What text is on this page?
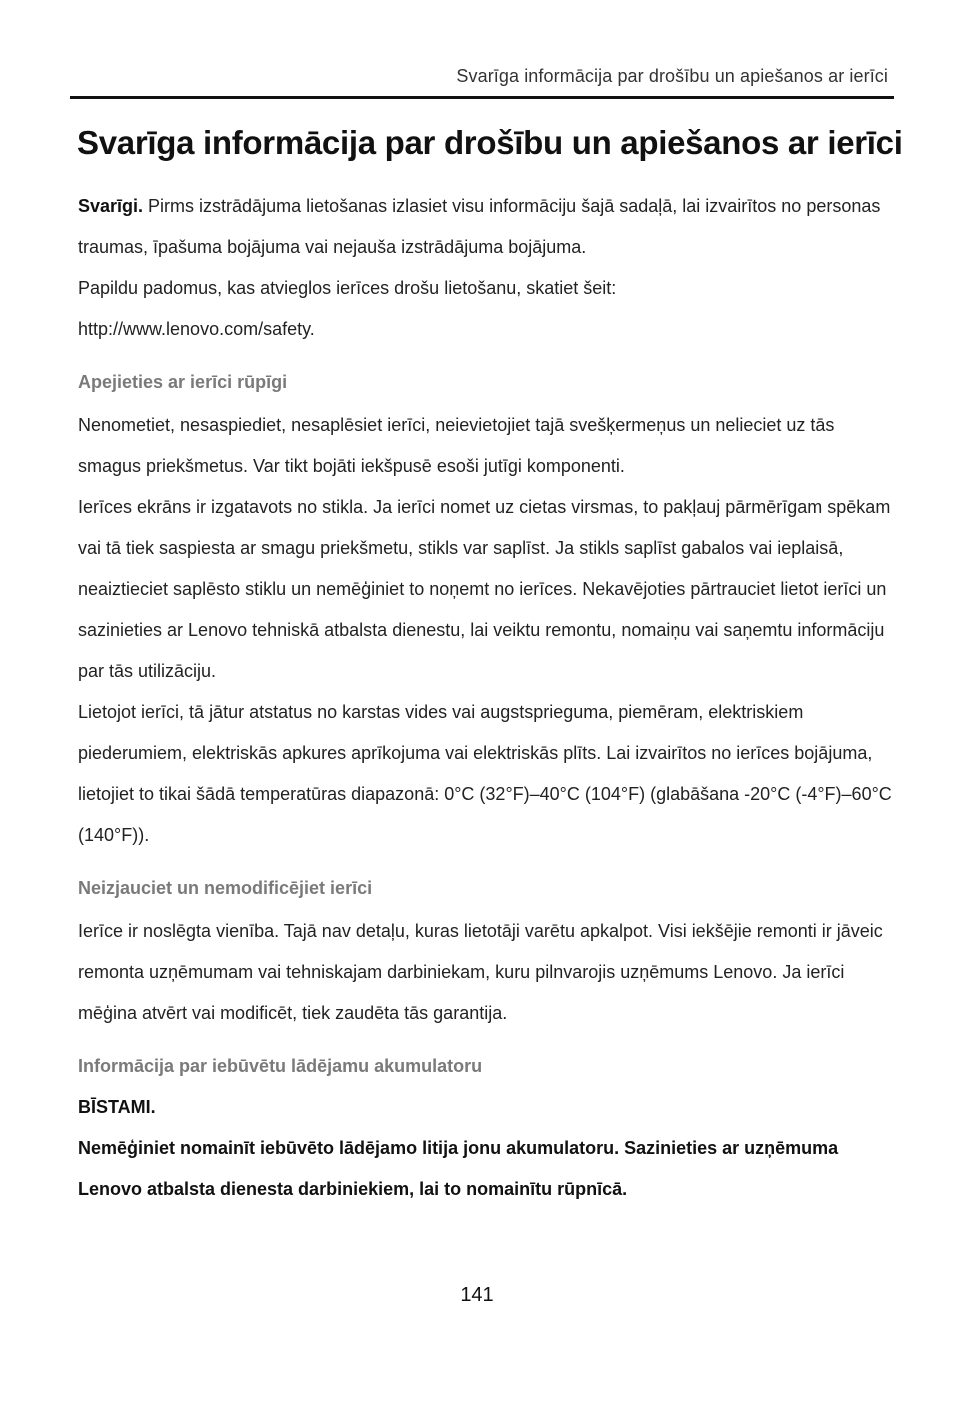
Svarīga informācija par drošību un apiešanos ar ierīci
Svarīga informācija par drošību un apiešanos ar ierīci

Svarīgi. Pirms izstrādājuma lietošanas izlasiet visu informāciju šajā sadaļā, lai izvairītos no personas traumas, īpašuma bojājuma vai nejauša izstrādājuma bojājuma.

Papildu padomus, kas atvieglos ierīces drošu lietošanu, skatiet šeit:

http://www.lenovo.com/safety.

Apejieties ar ierīci rūpīgi

Nenometiet, nesaspiediet, nesaplēsiet ierīci, neievietojiet tajā svešķermeņus un nelieciet uz tās smagus priekšmetus. Var tikt bojāti iekšpusē esoši jutīgi komponenti.

Ierīces ekrāns ir izgatavots no stikla. Ja ierīci nomet uz cietas virsmas, to pakļauj pārmērīgam spēkam vai tā tiek saspiesta ar smagu priekšmetu, stikls var saplīst. Ja stikls saplīst gabalos vai ieplaisā, neaiztieciet saplēsto stiklu un nemēģiniet to noņemt no ierīces. Nekavējoties pārtrauciet lietot ierīci un sazinieties ar Lenovo tehniskā atbalsta dienestu, lai veiktu remontu, nomaiņu vai saņemtu informāciju par tās utilizāciju.

Lietojot ierīci, tā jātur atstatus no karstas vides vai augstsprieguma, piemēram, elektriskiem piederumiem, elektriskās apkures aprīkojuma vai elektriskās plīts. Lai izvairītos no ierīces bojājuma, lietojiet to tikai šādā temperatūras diapazonā: 0°C (32°F)–40°C (104°F) (glabāšana -20°C (-4°F)–60°C (140°F)).

Neizjauciet un nemodificējiet ierīci

Ierīce ir noslēgta vienība. Tajā nav detaļu, kuras lietotāji varētu apkalpot. Visi iekšējie remonti ir jāveic remonta uzņēmumam vai tehniskajam darbiniekam, kuru pilnvarojis uzņēmums Lenovo. Ja ierīci mēģina atvērt vai modificēt, tiek zaudēta tās garantija.

Informācija par iebūvētu lādējamu akumulatoru

BĪSTAMI.

Nemēģiniet nomainīt iebūvēto lādējamo litija jonu akumulatoru. Sazinieties ar uzņēmuma Lenovo atbalsta dienesta darbiniekiem, lai to nomainītu rūpnīcā.

141
